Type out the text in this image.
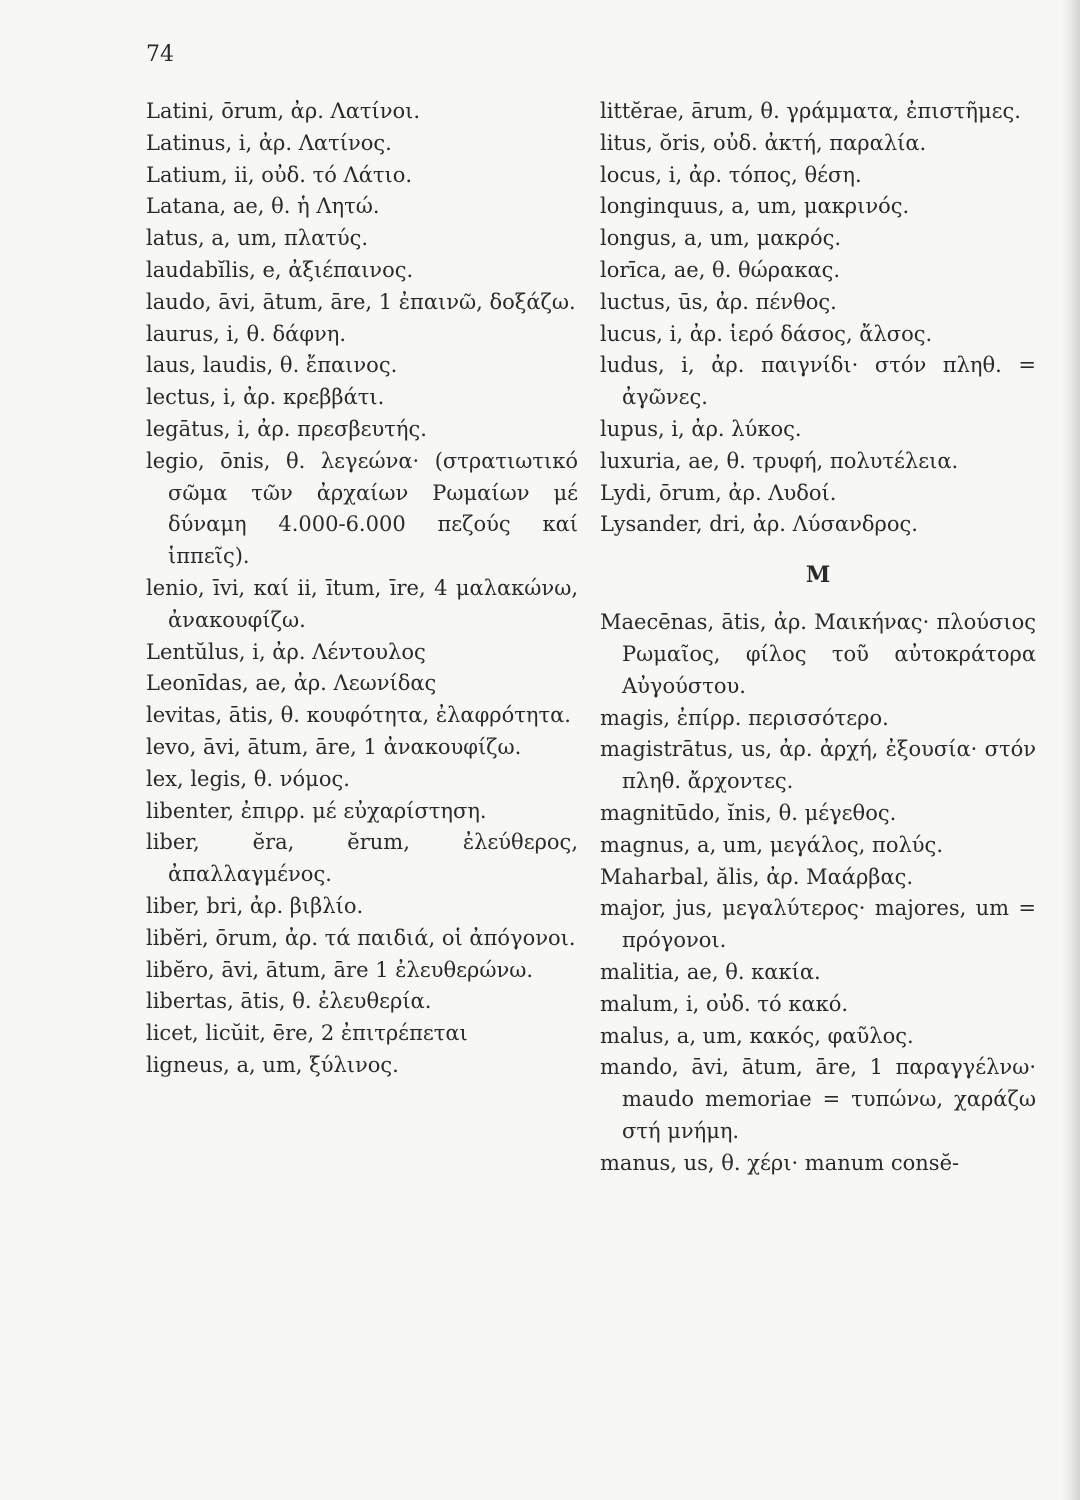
74
Latini, ōrum, ἀρ. Λατίνοι.
Latinus, i, ἀρ. Λατίνος.
Latium, ii, οὐδ. τό Λάτιο.
Latana, ae, θ. ἡ Λητώ.
latus, a, um, πλατύς.
laudabĭlis, e, ἀξιέπαινος.
laudo, āvi, ātum, āre, 1 ἐπαινῶ, δοξάζω.
laurus, i, θ. δάφνη.
laus, laudis, θ. ἔπαινος.
lectus, i, ἀρ. κρεββάτι.
legātus, i, ἀρ. πρεσβευτής.
legio, ōnis, θ. λεγεώνα· (στρατιωτικό σῶμα τῶν ἀρχαίων Ρωμαίων μέ δύναμη 4.000-6.000 πεζούς καί ἱππεῖς).
lenio, īvi, καί ii, ītum, īre, 4 μαλακώνω, ἀνακουφίζω.
Lentŭlus, i, ἀρ. Λέντουλος
Leonīdas, ae, ἀρ. Λεωνίδας
levitas, ātis, θ. κουφότητα, ἐλαφρότητα.
levo, āvi, ātum, āre, 1 ἀνακουφίζω.
lex, legis, θ. νόμος.
libenter, ἐπιρρ. μέ εὐχαρίστηση.
liber, ĕra, ĕrum, ἐλεύθερος, ἀπαλλαγμένος.
liber, bri, ἀρ. βιβλίο.
libĕri, ōrum, ἀρ. τά παιδιά, οἱ ἀπόγονοι.
libĕro, āvi, ātum, āre 1 ἐλευθερώνω.
libertas, ātis, θ. ἐλευθερία.
licet, licŭit, ēre, 2 ἐπιτρέπεται
ligneus, a, um, ξύλινος.
littĕrae, ārum, θ. γράμματα, ἐπιστῆμες.
litus, ŏris, οὐδ. ἀκτή, παραλία.
locus, i, ἀρ. τόπος, θέση.
longinquus, a, um, μακρινός.
longus, a, um, μακρός.
lorīca, ae, θ. θώρακας.
luctus, ūs, ἀρ. πένθος.
lucus, i, ἀρ. ἱερό δάσος, ἄλσος.
ludus, i, ἀρ. παιγνίδι· στόν πληθ. = ἀγῶνες.
lupus, i, ἀρ. λύκος.
luxuria, ae, θ. τρυφή, πολυτέλεια.
Lydi, ōrum, ἀρ. Λυδοί.
Lysander, dri, ἀρ. Λύσανδρος.
M
Maecēnas, ātis, ἀρ. Μαικήνας· πλούσιος Ρωμαῖος, φίλος τοῦ αὐτοκράτορα Αὐγούστου.
magis, ἐπίρρ. περισσότερο.
magistrātus, us, ἀρ. ἀρχή, ἐξουσία· στόν πληθ. ἄρχοντες.
magnitūdo, ĭnis, θ. μέγεθος.
magnus, a, um, μεγάλος, πολύς.
Maharbal, ălis, ἀρ. Μαάρβας.
major, jus, μεγαλύτερος· majores, um = πρόγονοι.
malitia, ae, θ. κακία.
malum, i, οὐδ. τό κακό.
malus, a, um, κακός, φαῦλος.
mando, āvi, ātum, āre, 1 παραγγέλνω· maudo memoriae = τυπώνω, χαράζω στή μνήμη.
manus, us, θ. χέρι· manum consĕ-
